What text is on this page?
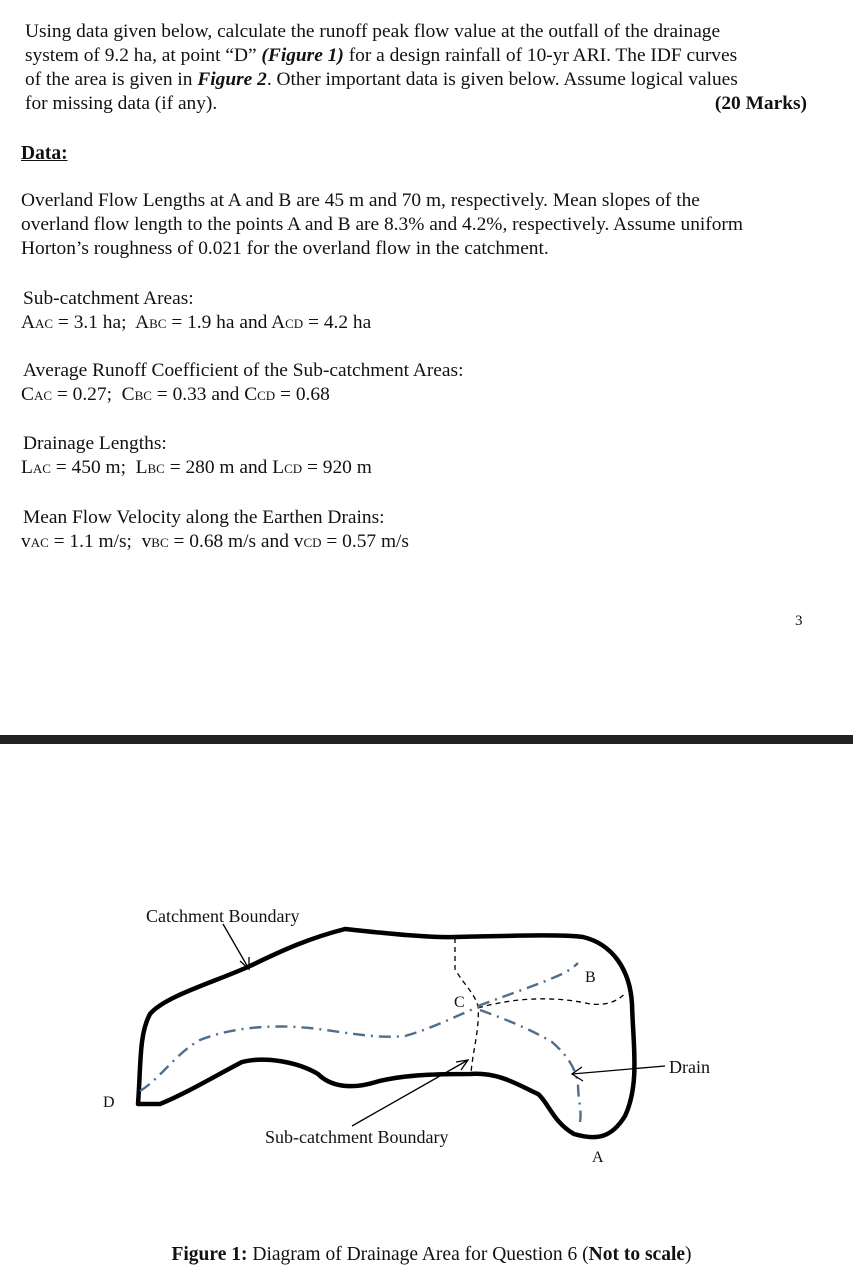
Using data given below, calculate the runoff peak flow value at the outfall of the drainage
system of 9.2 ha, at point “D” (Figure 1) for a design rainfall of 10-yr ARI. The IDF curves
of the area is given in Figure 2. Other important data is given below. Assume logical values
for missing data (if any).	(20 Marks)
Data:
Overland Flow Lengths at A and B are 45 m and 70 m, respectively. Mean slopes of the
overland flow length to the points A and B are 8.3% and 4.2%, respectively. Assume uniform
Horton’s roughness of 0.021 for the overland flow in the catchment.
Sub-catchment Areas:
AAC = 3.1 ha;  ABC = 1.9 ha and ACD = 4.2 ha
Average Runoff Coefficient of the Sub-catchment Areas:
CAC = 0.27;  CBC = 0.33 and CCD = 0.68
Drainage Lengths:
LAC = 450 m;  LBC = 280 m and LCD = 920 m
Mean Flow Velocity along the Earthen Drains:
vAC = 1.1 m/s;  vBC = 0.68 m/s and vCD = 0.57 m/s
3
Catchment Boundary
Sub-catchment Boundary
Drain
A
B
C
D
Figure 1: Diagram of Drainage Area for Question 6 (Not to scale)
